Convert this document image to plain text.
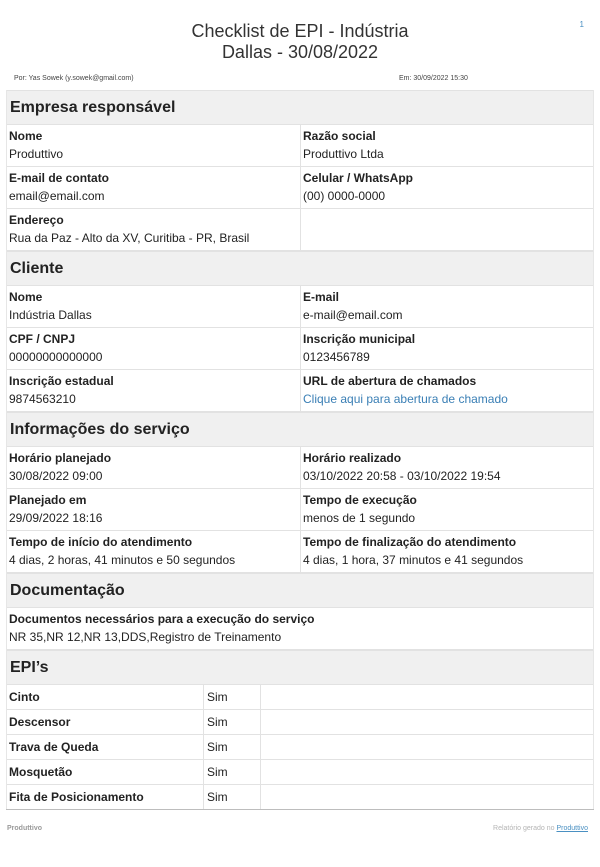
1
Checklist de EPI - Indústria
Dallas - 30/08/2022
Por: Yas Sowek (y.sowek@gmail.com)	Em: 30/09/2022 15:30
Empresa responsável
Nome
Produttivo
Razão social
Produttivo Ltda
E-mail de contato
email@email.com
Celular / WhatsApp
(00) 0000-0000
Endereço
Rua da Paz - Alto da XV, Curitiba - PR, Brasil
Cliente
Nome
Indústria Dallas
E-mail
e-mail@email.com
CPF / CNPJ
00000000000000
Inscrição municipal
0123456789
Inscrição estadual
9874563210
URL de abertura de chamados
Clique aqui para abertura de chamado
Informações do serviço
Horário planejado
30/08/2022 09:00
Horário realizado
03/10/2022 20:58 - 03/10/2022 19:54
Planejado em
29/09/2022 18:16
Tempo de execução
menos de 1 segundo
Tempo de início do atendimento
4 dias, 2 horas, 41 minutos e 50 segundos
Tempo de finalização do atendimento
4 dias, 1 hora, 37 minutos e 41 segundos
Documentação
Documentos necessários para a execução do serviço
NR 35,NR 12,NR 13,DDS,Registro de Treinamento
EPI’s
Cinto	Sim
Descensor	Sim
Trava de Queda	Sim
Mosquetão	Sim
Fita de Posicionamento	Sim
Produttivo	Relatório gerado no Produttivo
